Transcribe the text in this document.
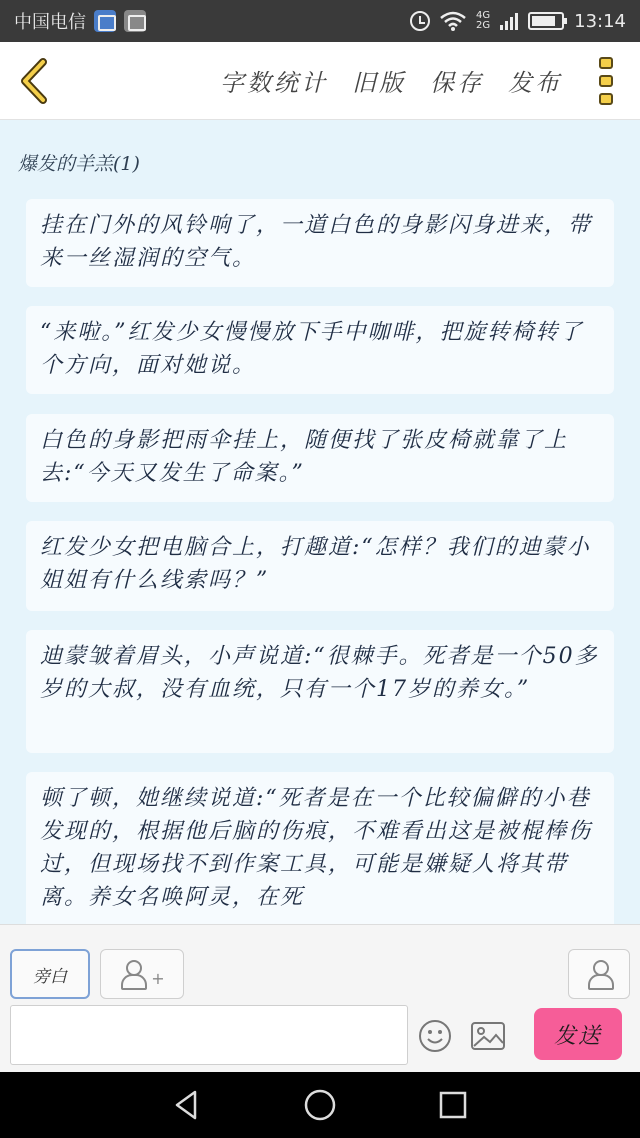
中国电信	4G
2G	13:14
字数统计 旧版 保存 发布
爆发的羊羔(1)
挂在门外的风铃响了，一道白色的身影闪身进来，带来一丝湿润的空气。
“来啦。”红发少女慢慢放下手中咖啡，把旋转椅转了个方向，面对她说。
白色的身影把雨伞挂上，随便找了张皮椅就靠了上去:“今天又发生了命案。”
红发少女把电脑合上，打趣道:“怎样？我们的迪蒙小姐姐有什么线索吗？”
迪蒙皱着眉头，小声说道:“很棘手。死者是一个50多岁的大叔，没有血统，只有一个17岁的养女。”
顿了顿，她继续说道:“死者是在一个比较偏僻的小巷发现的，根据他后脑的伤痕，不难看出这是被棍棒伤过，但现场找不到作案工具，可能是嫌疑人将其带离。养女名唤阿灵，在死
旁白	+
发送
